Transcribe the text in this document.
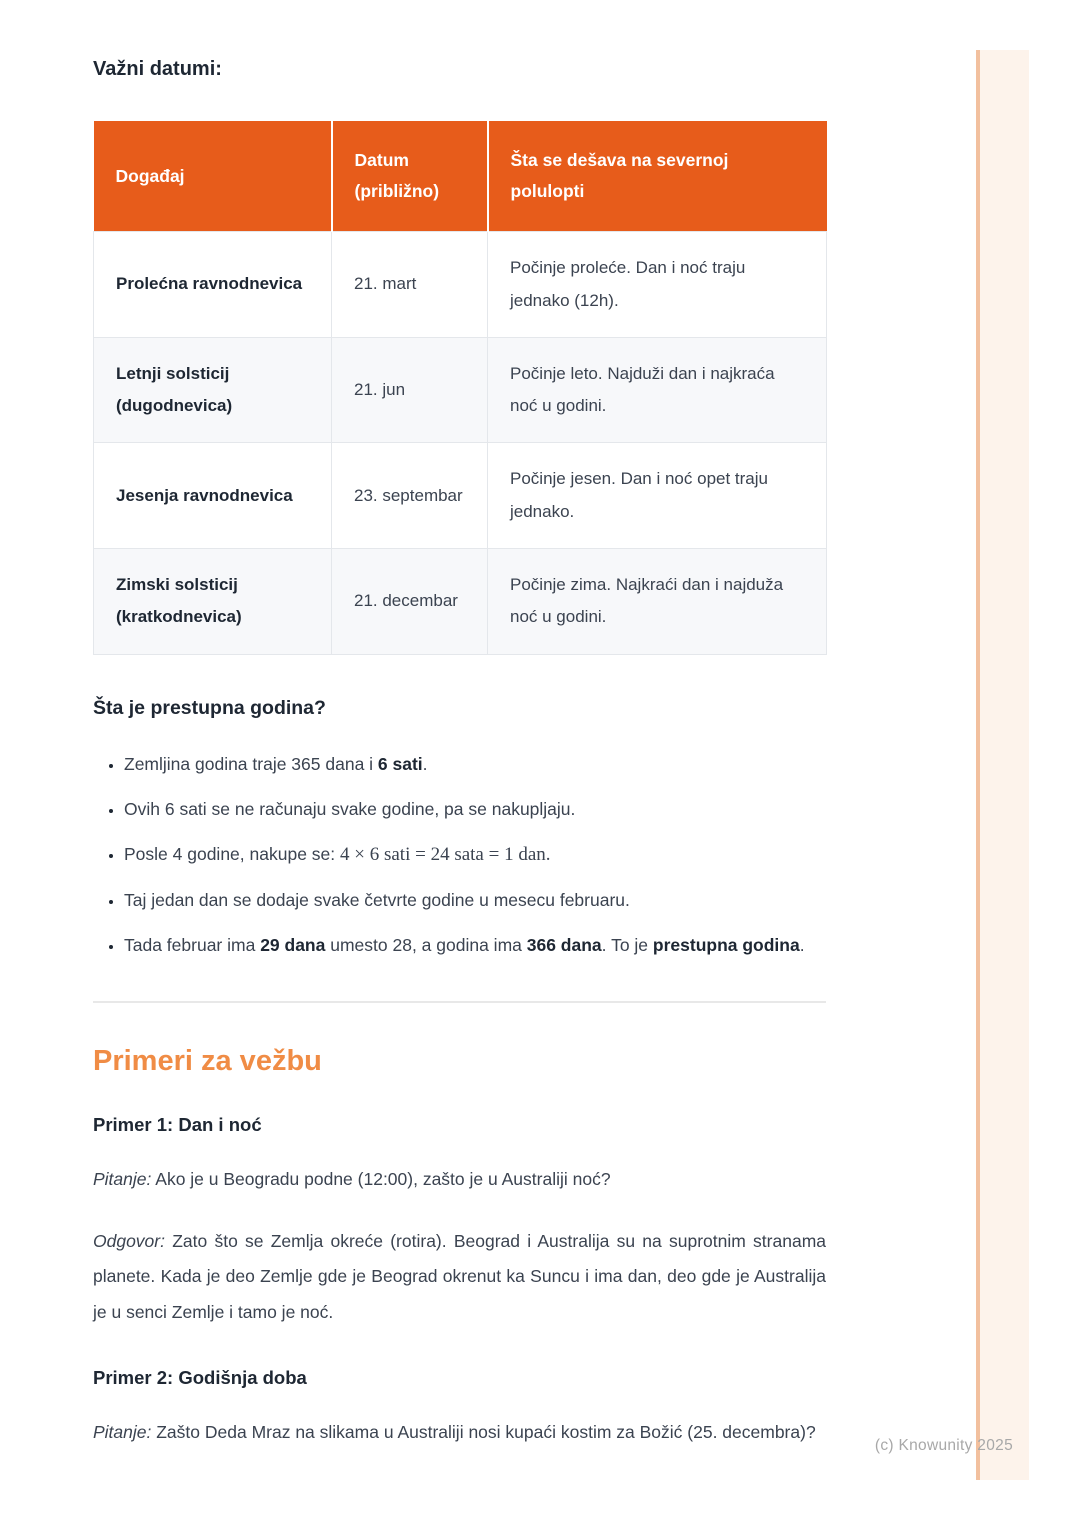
(c) Knowunity 2025
Važni datumi:
Događaj	Datum (približno)	Šta se dešava na severnoj polulopti
Prolećna ravnodnevica	21. mart	Počinje proleće. Dan i noć traju jednako (12h).
Letnji solsticij (dugodnevica)	21. jun	Počinje leto. Najduži dan i najkraća noć u godini.
Jesenja ravnodnevica	23. septembar	Počinje jesen. Dan i noć opet traju jednako.
Zimski solsticij (kratkodnevica)	21. decembar	Počinje zima. Najkraći dan i najduža noć u godini.
Šta je prestupna godina?
• Zemljina godina traje 365 dana i 6 sati.
• Ovih 6 sati se ne računaju svake godine, pa se nakupljaju.
• Posle 4 godine, nakupe se: 4 × 6 sati = 24 sata = 1 dan.
• Taj jedan dan se dodaje svake četvrte godine u mesecu februaru.
• Tada februar ima 29 dana umesto 28, a godina ima 366 dana. To je prestupna godina.
Primeri za vežbu
Primer 1: Dan i noć

Pitanje: Ako je u Beogradu podne (12:00), zašto je u Australiji noć?

Odgovor: Zato što se Zemlja okreće (rotira). Beograd i Australija su na suprotnim stranama planete. Kada je deo Zemlje gde je Beograd okrenut ka Suncu i ima dan, deo gde je Australija je u senci Zemlje i tamo je noć.

Primer 2: Godišnja doba

Pitanje: Zašto Deda Mraz na slikama u Australiji nosi kupaći kostim za Božić (25. decembra)?
